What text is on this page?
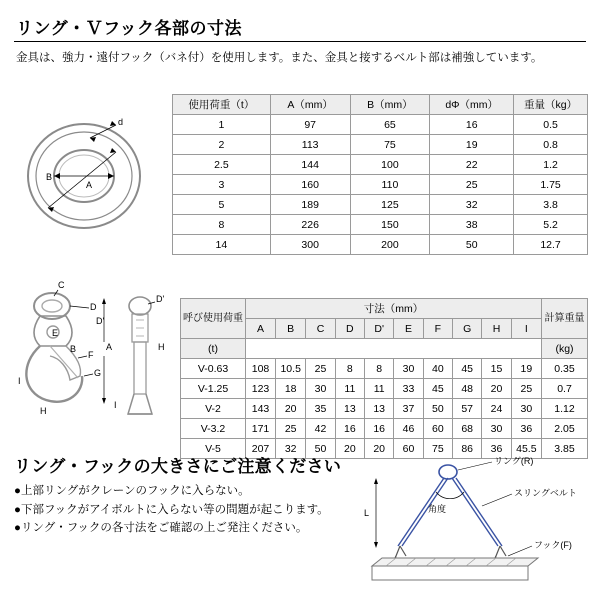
リング・Ｖフック各部の寸法
金具は、強力・遠付フック（バネ付）を使用します。また、金具と接するベルト部は補強しています。
d
B
A
C
D
D'
E
B
F
G
H
I
A
D'
H
I
使用荷重（t）	A（mm）	B（mm）	dΦ（mm）	重量（kg）
1	97	65	16	0.5
2	113	75	19	0.8
2.5	144	100	22	1.2
3	160	110	25	1.75
5	189	125	32	3.8
8	226	150	38	5.2
14	300	200	50	12.7
呼び使用荷重	寸法（mm）										計算重量
	A	B	C	D	D'	E	F	G	H	I	
(t)											(kg)
V-0.63	108	10.5	25	8	8	30	40	45	15	19	0.35
V-1.25	123	18	30	11	11	33	45	48	20	25	0.7
V-2	143	20	35	13	13	37	50	57	24	30	1.12
V-3.2	171	25	42	16	16	46	60	68	30	36	2.05
V-5	207	32	50	20	20	60	75	86	36	45.5	3.85
リング・フックの大きさにご注意ください
●上部リングがクレーンのフックに入らない。
●下部フックがアイボルトに入らない等の問題が起こります。
●リング・フックの各寸法をご確認の上ご発注ください。
L
リング(R)
スリングベルト
フック(F)
角度
